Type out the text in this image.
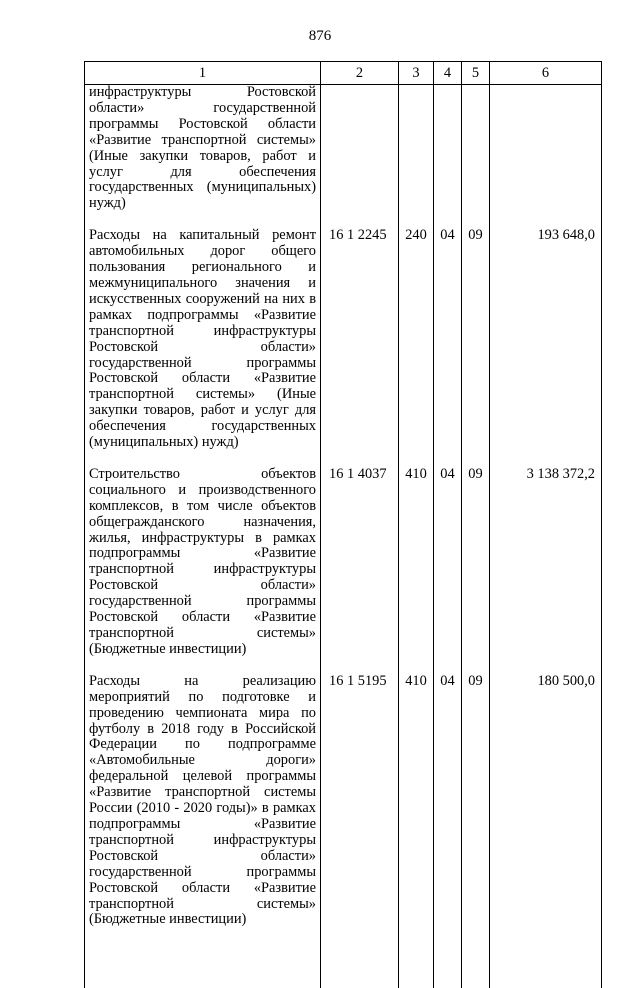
876
1	2	3	4	5	6
инфраструктуры Ростовской области» государственной программы Ростовской области «Развитие транспортной системы» (Иные закупки товаров, работ и услуг для обеспечения государственных (муниципальных) нужд)					
Расходы на капитальный ремонт автомобильных дорог общего пользования регионального и межмуниципального значения и искусственных сооружений на них в рамках подпрограммы «Развитие транспортной инфраструктуры Ростовской области» государственной программы Ростовской области «Развитие транспортной системы» (Иные закупки товаров, работ и услуг для обеспечения государственных (муниципальных) нужд)	16 1 2245	240	04	09	193 648,0
Строительство объектов социального и производственного комплексов, в том числе объектов общегражданского назначения, жилья, инфраструктуры в рамках подпрограммы «Развитие транспортной инфраструктуры Ростовской области» государственной программы Ростовской области «Развитие транспортной системы» (Бюджетные инвестиции)	16 1 4037	410	04	09	3 138 372,2
Расходы на реализацию мероприятий по подготовке и проведению чемпионата мира по футболу в 2018 году в Российской Федерации по подпрограмме «Автомобильные дороги» федеральной целевой программы «Развитие транспортной системы России (2010 - 2020 годы)» в рамках подпрограммы «Развитие транспортной инфраструктуры Ростовской области» государственной программы Ростовской области «Развитие транспортной системы» (Бюджетные инвестиции)	16 1 5195	410	04	09	180 500,0
